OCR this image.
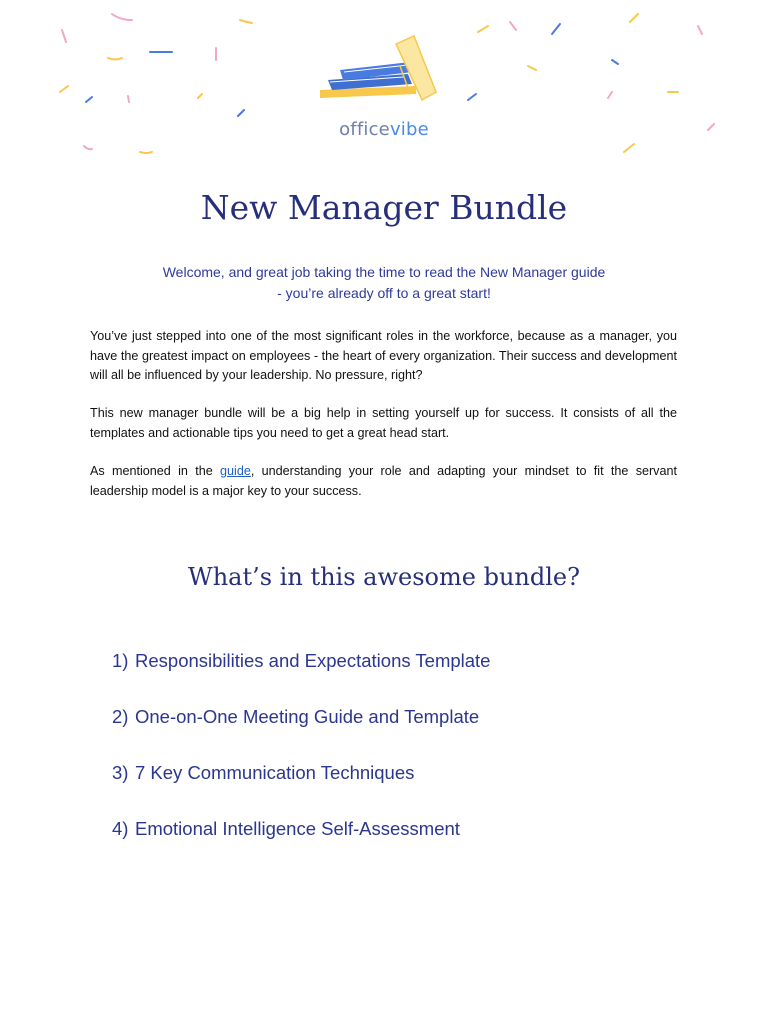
officevibe
New Manager Bundle
Welcome, and great job taking the time to read the New Manager guide
- you’re already off to a great start!

You’ve just stepped into one of the most significant roles in the workforce, because as a manager, you have the greatest impact on employees - the heart of every organization. Their success and development will all be influenced by your leadership. No pressure, right?

This new manager bundle will be a big help in setting yourself up for success. It consists of all the templates and actionable tips you need to get a great head start.

As mentioned in the guide, understanding your role and adapting your mindset to fit the servant leadership model is a major key to your success.

What’s in this awesome bundle?
1) Responsibilities and Expectations Template
2) One-on-One Meeting Guide and Template
3) 7 Key Communication Techniques
4) Emotional Intelligence Self-Assessment
